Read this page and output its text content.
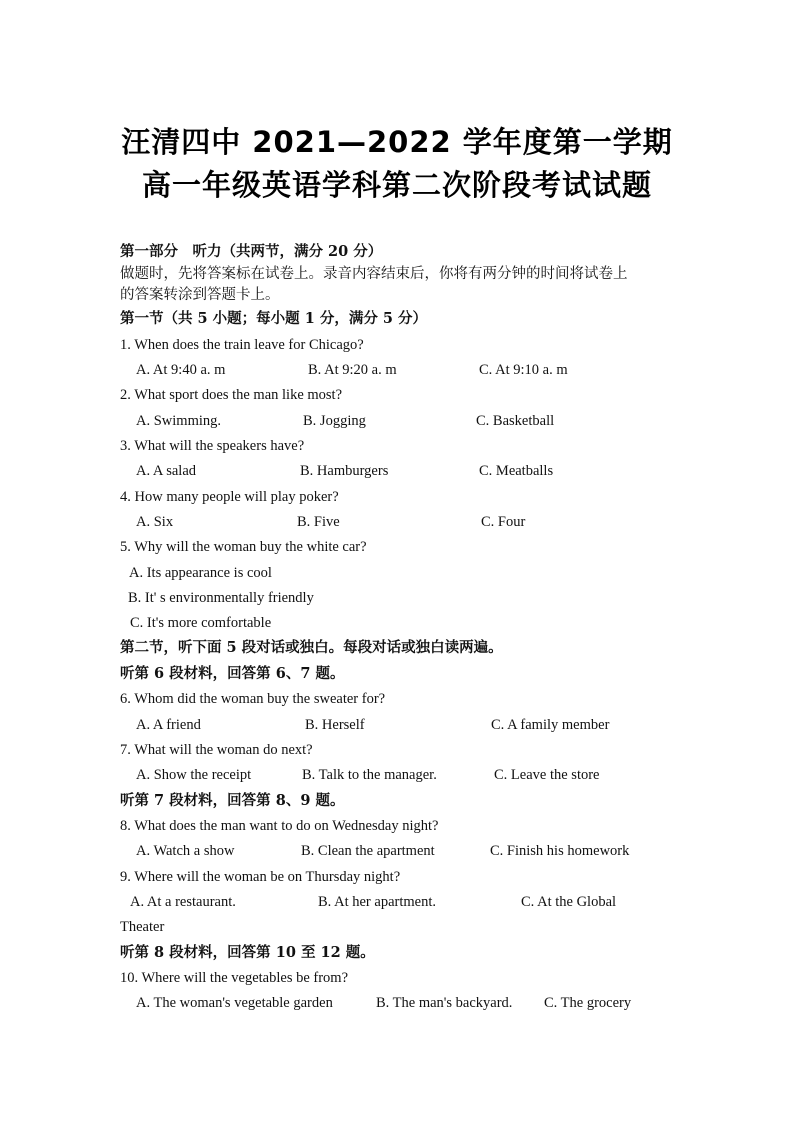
汪清四中 2021—2022 学年度第一学期
高一年级英语学科第二次阶段考试试题
第一部分　听力（共两节，满分 20 分）
做题时，先将答案标在试卷上。录音内容结束后，你将有两分钟的时间将试卷上
的答案转涂到答题卡上。
第一节（共 5 小题；每小题 1 分，满分 5 分）
1. When does the train leave for Chicago?
A. At 9:40 a. m	B. At 9:20 a. m	C. At 9:10 a. m
2. What sport does the man like most?
A. Swimming.	B. Jogging	C. Basketball
3. What will the speakers have?
A. A salad	B. Hamburgers	C. Meatballs
4. How many people will play poker?
A. Six	B. Five	C. Four
5. Why will the woman buy the white car?
A. Its appearance is cool
B. It' s environmentally friendly
C. It's more comfortable
第二节，听下面 5 段对话或独白。每段对话或独白读两遍。
听第 6 段材料，回答第 6、7 题。
6. Whom did the woman buy the sweater for?
A. A friend	B. Herself	C. A family member
7. What will the woman do next?
A. Show the receipt	B. Talk to the manager.	C. Leave the store
听第 7 段材料，回答第 8、9 题。
8. What does the man want to do on Wednesday night?
A. Watch a show	B. Clean the apartment	C. Finish his homework
9. Where will the woman be on Thursday night?
A. At a restaurant.	B. At her apartment.	C. At the Global
Theater
听第 8 段材料，回答第 10 至 12 题。
10. Where will the vegetables be from?
A. The woman's vegetable garden	B. The man's backyard. C. The grocery
